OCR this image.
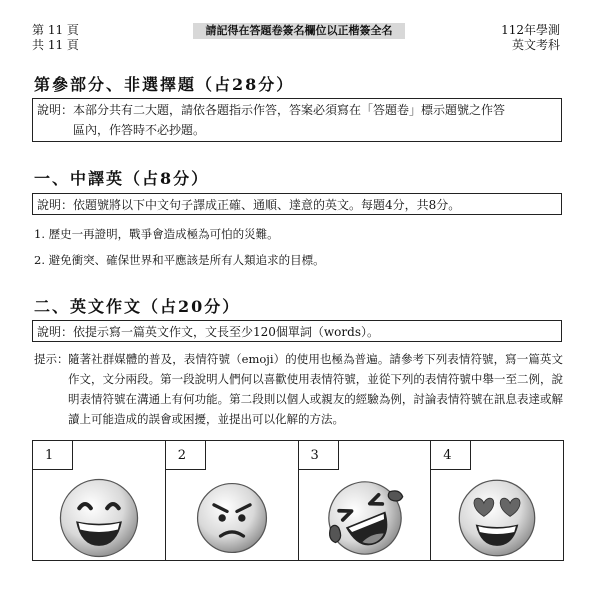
第 11 頁
共 11 頁
請記得在答題卷簽名欄位以正楷簽全名	112年學測
英文考科
第參部分、非選擇題（占28分）
說明：本部分共有二大題，請依各題指示作答，答案必須寫在「答題卷」標示題號之作答
區內，作答時不必抄題。
一、中譯英（占8分）
說明：依題號將以下中文句子譯成正確、通順、達意的英文。每題4分，共8分。
1. 歷史一再證明，戰爭會造成極為可怕的災難。
2. 避免衝突、確保世界和平應該是所有人類追求的目標。
二、英文作文（占20分）
說明：依提示寫一篇英文作文，文長至少120個單詞（words）。
提示： 隨著社群媒體的普及，表情符號（emoji）的使用也極為普遍。請參考下列表情符號，寫一篇英文作文，文分兩段。第一段說明人們何以喜歡使用表情符號，並從下列的表情符號中舉一至二例，說明表情符號在溝通上有何功能。第二段則以個人或親友的經驗為例，討論表情符號在訊息表達或解讀上可能造成的誤會或困擾，並提出可以化解的方法。
1	2	3	4
